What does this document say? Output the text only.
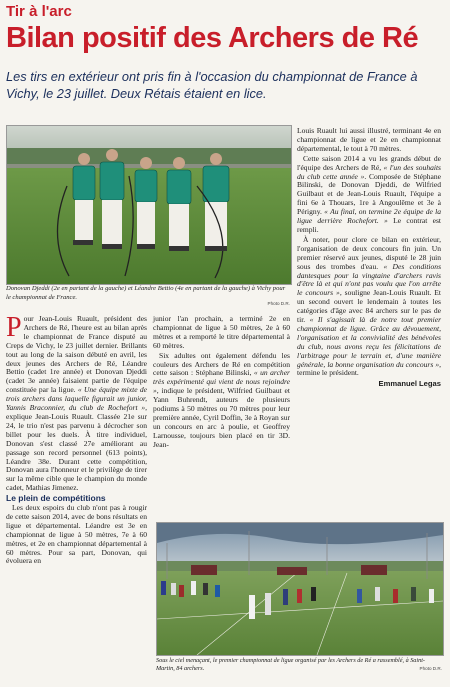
Tir à l'arc
Bilan positif des Archers de Ré
Les tirs en extérieur ont pris fin à l'occasion du championnat de France à Vichy, le 23 juillet. Deux Rétais étaient en lice.
Donovan Djeddi (2e en partant de la gauche) et Léandre Bettio (4e en partant de la gauche) à Vichy pour le championnat de France.
Photo D.R.

Pour Jean-Louis Ruault, président des Archers de Ré, l'heure est au bilan après le championnat de France disputé au Creps de Vichy, le 23 juillet dernier. Brillants tout au long de la saison débuté en avril, les deux jeunes des Archers de Ré, Léandre Bettio (cadet 1re année) et Donovan Djeddi (cadet 3e année) faisaient partie de l'équipe constituée par la ligue. « Une équipe mixte de trois archers dans laquelle figurait un junior, Yannis Braconnier, du club de Rochefort », explique Jean-Louis Ruault. Classée 21e sur 24, le trio n'est pas parvenu à décrocher son billet pour les duels. À titre individuel, Donovan s'est classé 27e améliorant au passage son record personnel (613 points), Léandre 38e. Durant cette compétition, Donovan aura l'honneur et le privilège de tirer sur la même cible que le champion du monde cadet, Mathias Jimenez.

Le plein de compétitions

Les deux espoirs du club n'ont pas à rougir de cette saison 2014, avec de bons résultats en ligue et départemental. Léandre est 3e en championnat de ligue à 50 mètres, 7e à 60 mètres, et 2e en championnat départemental à 60 mètres. Pour sa part, Donovan, qui évoluera en

junior l'an prochain, a terminé 2e en championnat de ligue à 50 mètres, 2e à 60 mètres et a remporté le titre départemental à 60 mètres.

Six adultes ont également défendu les couleurs des Archers de Ré en compétition cette saison : Stéphane Bilinski, « un archer très expérimenté qui vient de nous rejoindre », indique le président, Wilfried Guilbaut et Yann Buhrendt, auteurs de plusieurs podiums à 50 mètres ou 70 mètres pour leur première année, Cyril Doffin, 3e à Royan sur un concours en arc à poulie, et Geoffrey Larnousse, toujours bien placé en tir 3D. Jean-

Louis Ruault lui aussi illustré, terminant 4e en championnat de ligue et 2e en championnat départemental, le tout à 70 mètres.

Cette saison 2014 a vu les grands début de l'équipe des Archers de Ré, « l'un des souhaits du club cette année ». Composée de Stéphane Bilinski, de Donovan Djeddi, de Wilfried Guilbaut et de Jean-Louis Ruault, l'équipe a fini 6e à Thouars, 1re à Angoulême et 3e à Périgny. « Au final, on termine 2e équipe de la ligue derrière Rochefort. » Le contrat est rempli.

À noter, pour clore ce bilan en extérieur, l'organisation de deux concours fin juin. Un premier réservé aux jeunes, disputé le 28 juin sous des trombes d'eau. « Des conditions dantesques pour la vingtaine d'archers ravis d'être là et qui n'ont pas voulu que l'on arrête le concours », souligne Jean-Louis Ruault. Et un second ouvert le lendemain à toutes les catégories d'âge avec 84 archers sur le pas de tir. « Il s'agissait là de notre tout premier championnat de ligue. Grâce au dévouement, l'organisation et la convivialité des bénévoles du club, nous avons reçu les félicitations de l'arbitrage pour le terrain et, d'une manière générale, la bonne organisation du concours », termine le président.

Emmanuel Legas
Sous le ciel menaçant, le premier championnat de ligue organisé par les Archers de Ré a rassemblé, à Saint-Martin, 84 archers.	Photo D.R.
